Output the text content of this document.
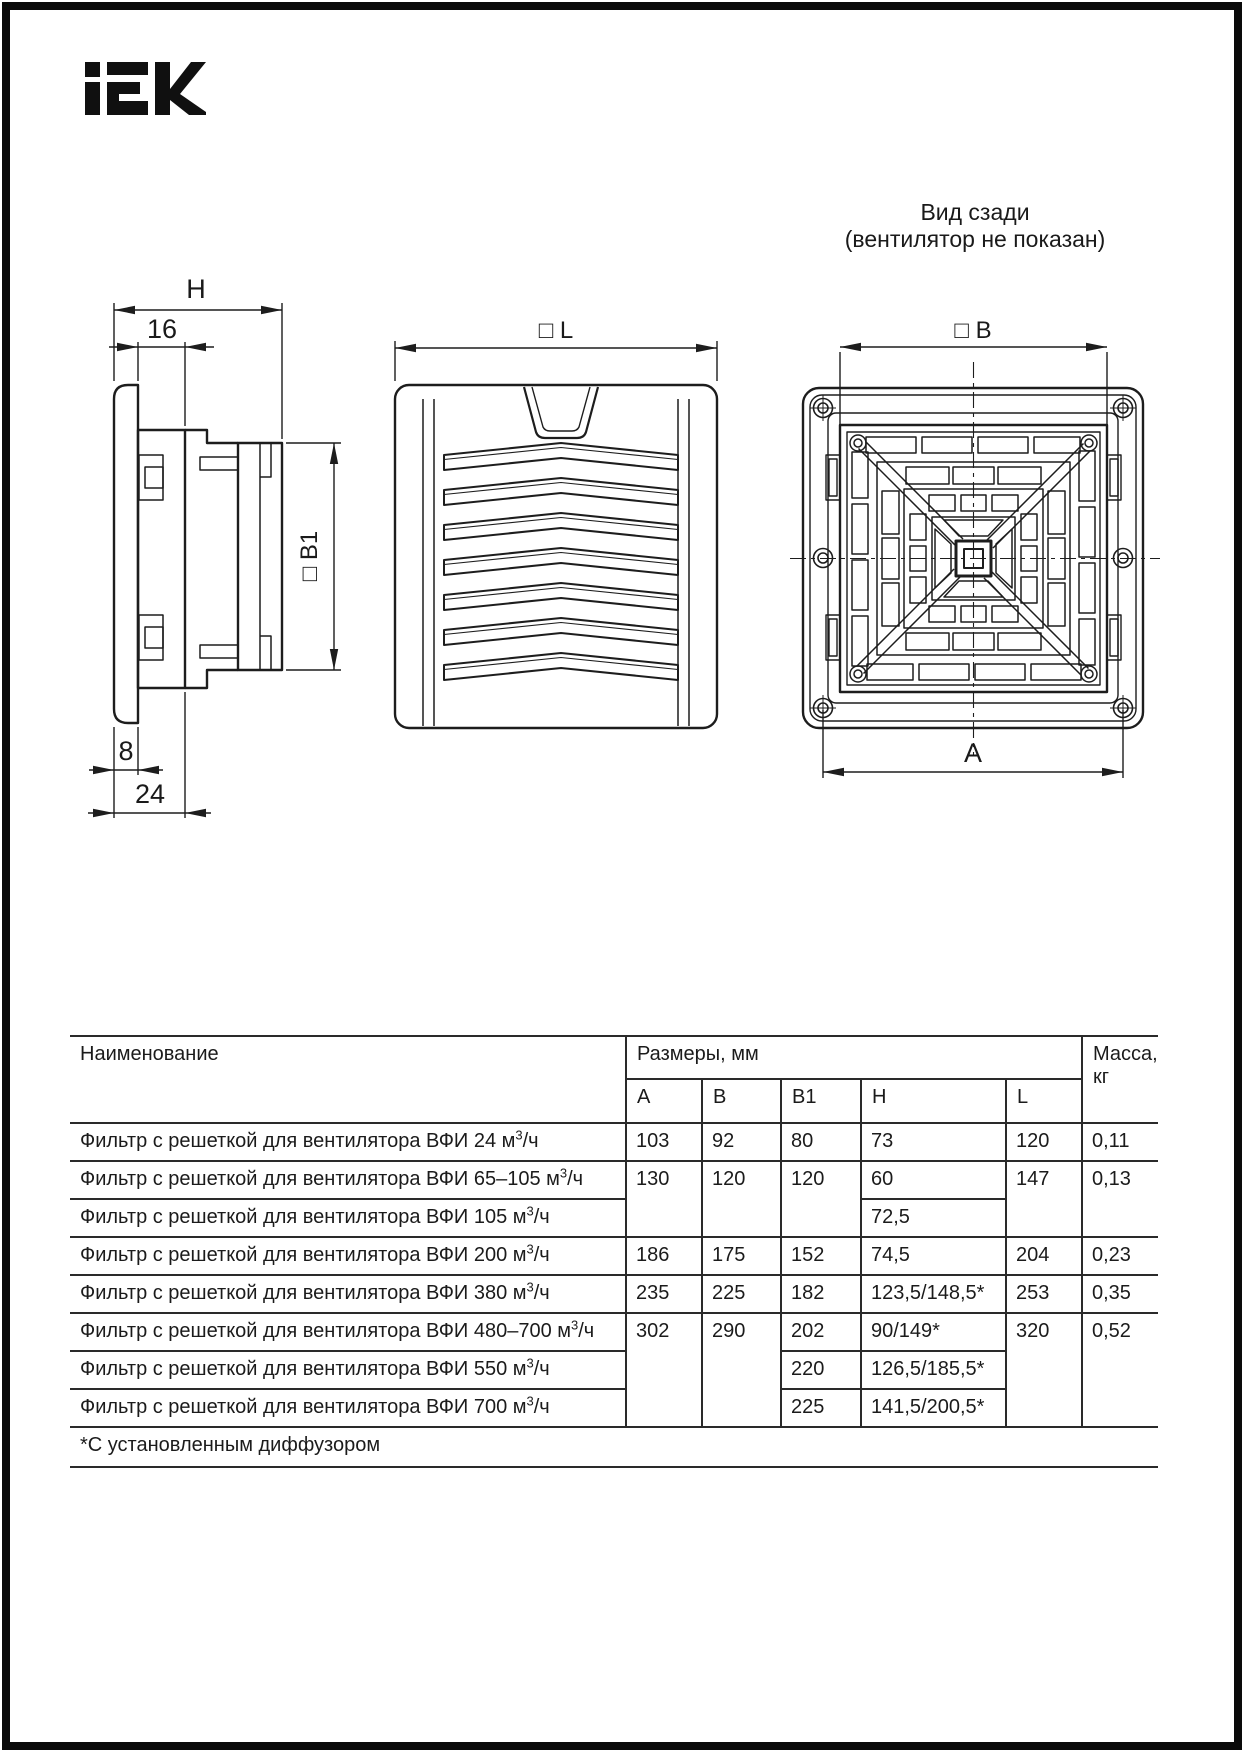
H
16
8
24
□ B1
□ L
Вид сзади
(вентилятор не показан)
□ B
A
Наименование	Размеры, мм					Масса, кг
	A	B	B1	H	L	
Фильтр с решеткой для вентилятора ВФИ 24 $м^3/ч$	103	92	80	73	120	0,11
Фильтр с решеткой для вентилятора ВФИ 65–105 $м^3/ч$	130	120	120	60	147	0,13
Фильтр с решеткой для вентилятора ВФИ 105 $м^3/ч$				72,5		
Фильтр с решеткой для вентилятора ВФИ 200 $м^3/ч$	186	175	152	74,5	204	0,23
Фильтр с решеткой для вентилятора ВФИ 380 $м^3/ч$	235	225	182	123,5/148,5*	253	0,35
Фильтр с решеткой для вентилятора ВФИ 480–700 $м^3/ч$	302	290	202	90/149*	320	0,52
Фильтр с решеткой для вентилятора ВФИ 550 $м^3/ч$			220	126,5/185,5*		
Фильтр с решеткой для вентилятора ВФИ 700 $м^3/ч$			225	141,5/200,5*		
*С установленным диффузором						
